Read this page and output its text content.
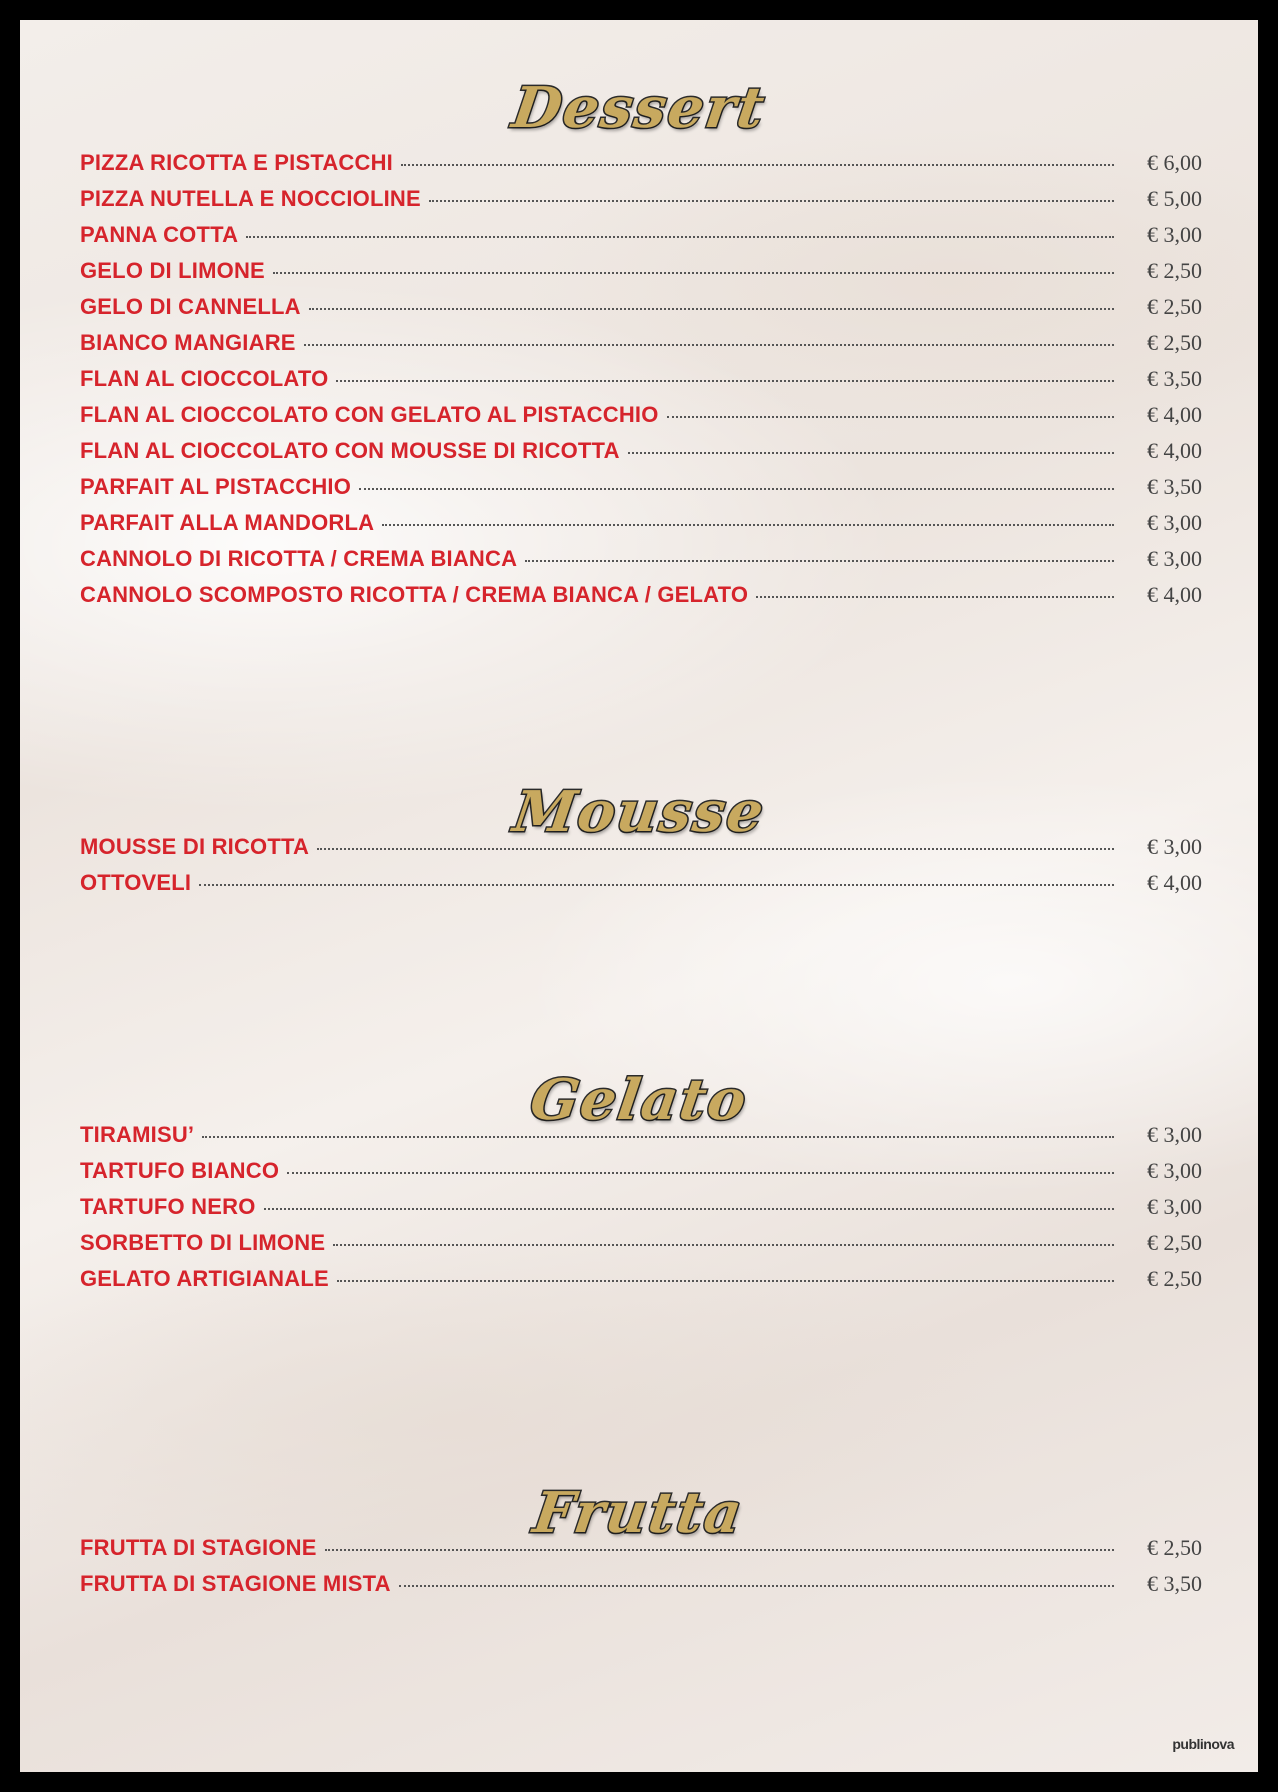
Dessert
PIZZA RICOTTA E PISTACCHI	€ 6,00
PIZZA NUTELLA E NOCCIOLINE	€ 5,00
PANNA COTTA	€ 3,00
GELO DI LIMONE	€ 2,50
GELO DI CANNELLA	€ 2,50
BIANCO MANGIARE	€ 2,50
FLAN AL CIOCCOLATO	€ 3,50
FLAN AL CIOCCOLATO CON GELATO AL PISTACCHIO	€ 4,00
FLAN AL CIOCCOLATO CON MOUSSE DI RICOTTA	€ 4,00
PARFAIT AL PISTACCHIO	€ 3,50
PARFAIT ALLA MANDORLA	€ 3,00
CANNOLO DI RICOTTA / CREMA BIANCA	€ 3,00
CANNOLO SCOMPOSTO RICOTTA / CREMA BIANCA / GELATO	€ 4,00
Mousse
MOUSSE DI RICOTTA	€ 3,00
OTTOVELI	€ 4,00
Gelato
TIRAMISU’	€ 3,00
TARTUFO BIANCO	€ 3,00
TARTUFO NERO	€ 3,00
SORBETTO DI LIMONE	€ 2,50
GELATO ARTIGIANALE	€ 2,50
Frutta
FRUTTA DI STAGIONE	€ 2,50
FRUTTA DI STAGIONE MISTA	€ 3,50
publinova
